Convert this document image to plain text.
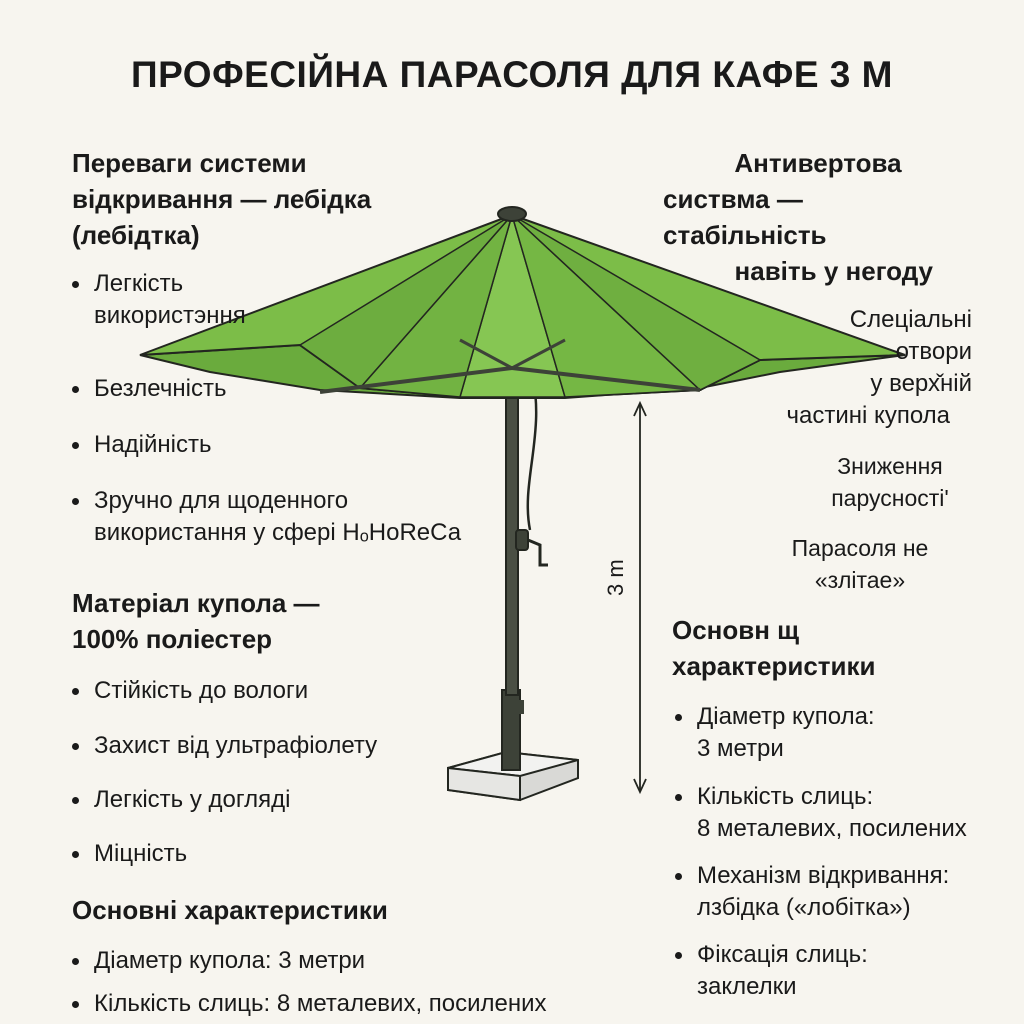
ПРОФЕСІЙНА ПАРАСОЛЯ ДЛЯ КАФЕ 3 М
3 m
Переваги системи
відкривання — лебідка
(лебідтка)
Легкість
використэння
Безлечність
Надійність
Зручно для щоденного
використання у сфері НₒНоReСа
Матеріал купола —
100% поліестер
Стійкість до вологи
Захист від ультрафіолету
Легкість у догляді
Міцність
Основні характеристики
Діаметр купола: 3 метри
Кількість слиць: 8 металевих, посилених
Антивертова
систвма —
стабільність
навіть у негоду
Слеціальні
отвори
у верх̌ній
частині купола
Зниження
парусності'
Парасоля не
«злітае»
Основн щ
характеристики
Діаметр купола:
3 метри
Кількість слиць:
8 металевих, посилених
Механізм відкривання:
лзбідка («лобітка»)
Фіксація слиць:
заклелки
